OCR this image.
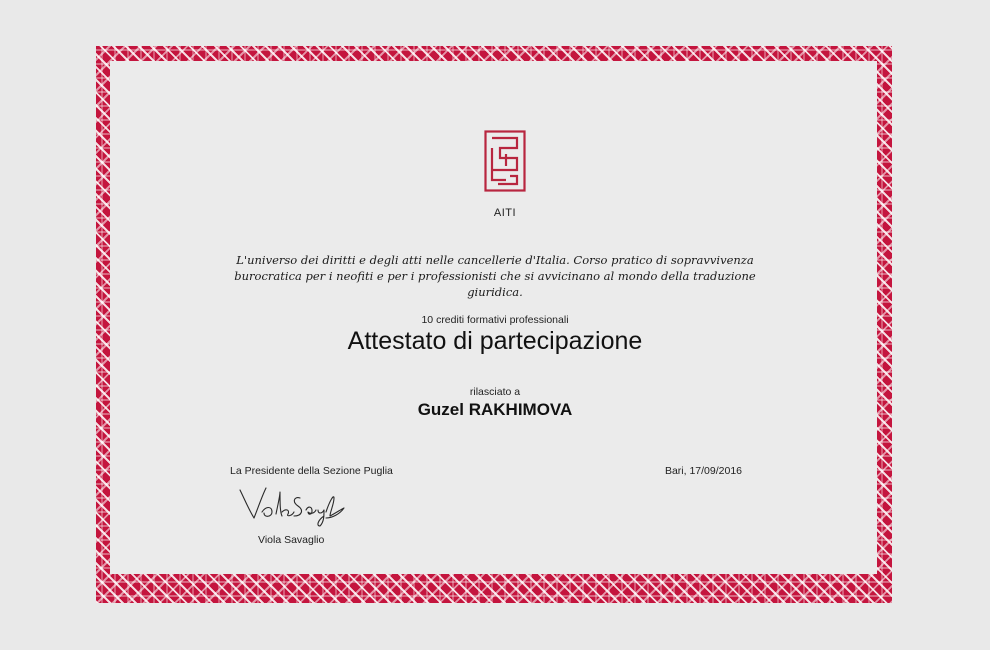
AITI
L'universo dei diritti e degli atti nelle cancellerie d'Italia. Corso pratico di sopravvivenza burocratica per i neofiti e per i professionisti che si avvicinano al mondo della traduzione giuridica.
10 crediti formativi professionali
Attestato di partecipazione
rilasciato a
Guzel RAKHIMOVA
La Presidente della Sezione Puglia	Bari, 17/09/2016
Viola Savaglio
